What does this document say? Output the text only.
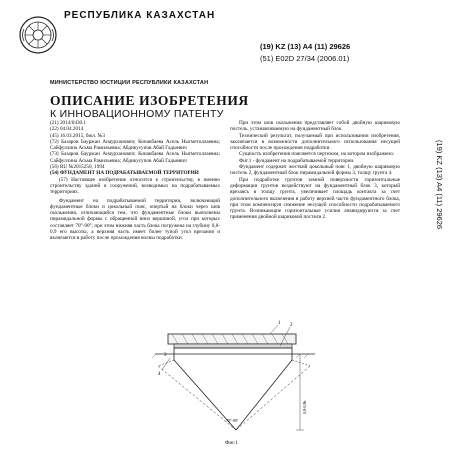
РЕСПУБЛИКА КАЗАХСТАН
(19) KZ (13) A4 (11) 29626
(51) E02D 27/34 (2006.01)
МИНИСТЕРСТВО ЮСТИЦИИ РЕСПУБЛИКИ КАЗАХСТАН
ОПИСАНИЕ ИЗОБРЕТЕНИЯ
К ИННОВАЦИОННОМУ ПАТЕНТУ
(21) 2014/0430.1
(22) 04.04.2014
(45) 16.03.2015, бюл. №3
(72) Базаров Бауржан Анаурханович; Конакбаева Асель Ныгметоллаевна; Сайфуллина Асьма Рамильевна; Абдикусупов Абай Гадыевич
(73) Базаров Бауржан Анаурханович; Конакбаева Асель Ныгметоллаевна; Сайфуллина Асьма Рамильевна; Абдикусупов Абай Гадыевич
(56) RU №2015250, 1994
(54) ФУНДАМЕНТ НА ПОДРАБАТЫВАЕМОЙ ТЕРРИТОРИИ

(57) Настоящее изобретение относится к строительству, в именно строительству зданий и сооружений, возводимых на подрабатываемых территориях.

Фундамент на подрабатываемой территории, включающий фундаментные блоки и цокольный пояс, опертый на блоки через шов скольжения, отличающийся тем, что фундаментные блоки выполнены пирамидальной формы с обращенной вниз вершиной, угол при которых составляет 70°-90°, при этом нижняя часть блока погружена на глубину 0,8-0,9 его высоты, а верхняя часть имеет более тупой угол врезания и включается в работу после прохождения волны подработки.

При этом шов скольжения представляет собой двойную шариковую постель, устанавливаемую на фундаментный блок.

Технический результат, получаемый при использовании изобретения, заключается в возможности дополнительного использования несущей способности после прохождения подработки.

Сущность изобретения поясняется чертежом, на котором изображено:

Фиг.1 - фундамент на подрабатываемой территории.

Фундамент содержит жесткий цокольный пояс 1, двойную шариковую постель 2, фундаментный блок пирамидальной формы 3, толщу грунта 4.

При подработке грунтов земной поверхности горизонтальные деформации грунтов воздействуют на фундаментный блок 3, который врезаясь в толщу грунта, увеличивает площадь контакта за счет дополнительного включения в работу верхней части фундаментного блока, при этом компенсируя снижение несущей способности подрабатываемого грунта. Возникающие горизонтальные усилия ликвидируются за счет применения двойной шариковой постели 2.	(19) KZ (13) A4 (11) 29626
1 2
4
3
70°-90°
0,8-0,9h
Фиг.1
